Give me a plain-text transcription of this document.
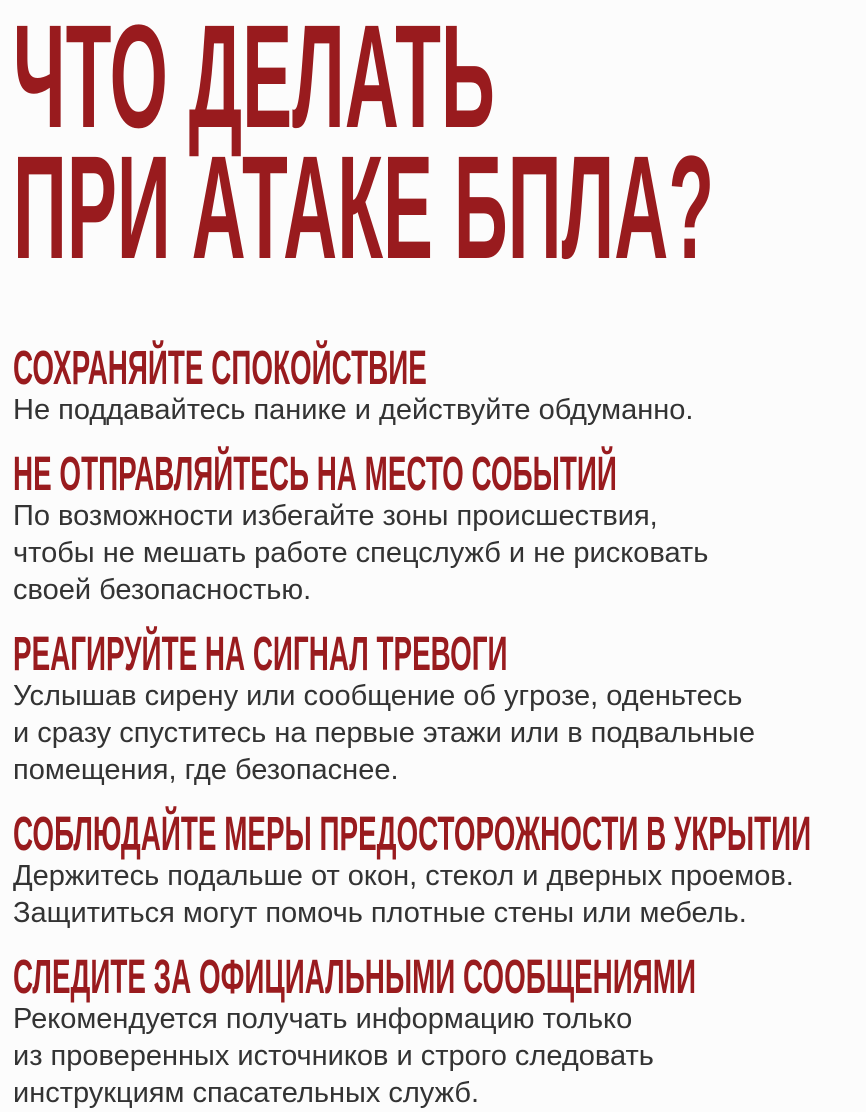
ЧТО ДЕЛАТЬ
ПРИ АТАКЕ БПЛА?
СОХРАНЯЙТЕ СПОКОЙСТВИЕ

Не поддавайтесь панике и действуйте обдуманно.

НЕ ОТПРАВЛЯЙТЕСЬ НА МЕСТО СОБЫТИЙ

По возможности избегайте зоны происшествия,

чтобы не мешать работе спецслужб и не рисковать

своей безопасностью.

РЕАГИРУЙТЕ НА СИГНАЛ ТРЕВОГИ

Услышав сирену или сообщение об угрозе, оденьтесь

и сразу спуститесь на первые этажи или в подвальные

помещения, где безопаснее.

СОБЛЮДАЙТЕ МЕРЫ ПРЕДОСТОРОЖНОСТИ В УКРЫТИИ

Держитесь подальше от окон, стекол и дверных проемов.

Защититься могут помочь плотные стены или мебель.

СЛЕДИТЕ ЗА ОФИЦИАЛЬНЫМИ СООБЩЕНИЯМИ

Рекомендуется получать информацию только

из проверенных источников и строго следовать

инструкциям спасательных служб.
